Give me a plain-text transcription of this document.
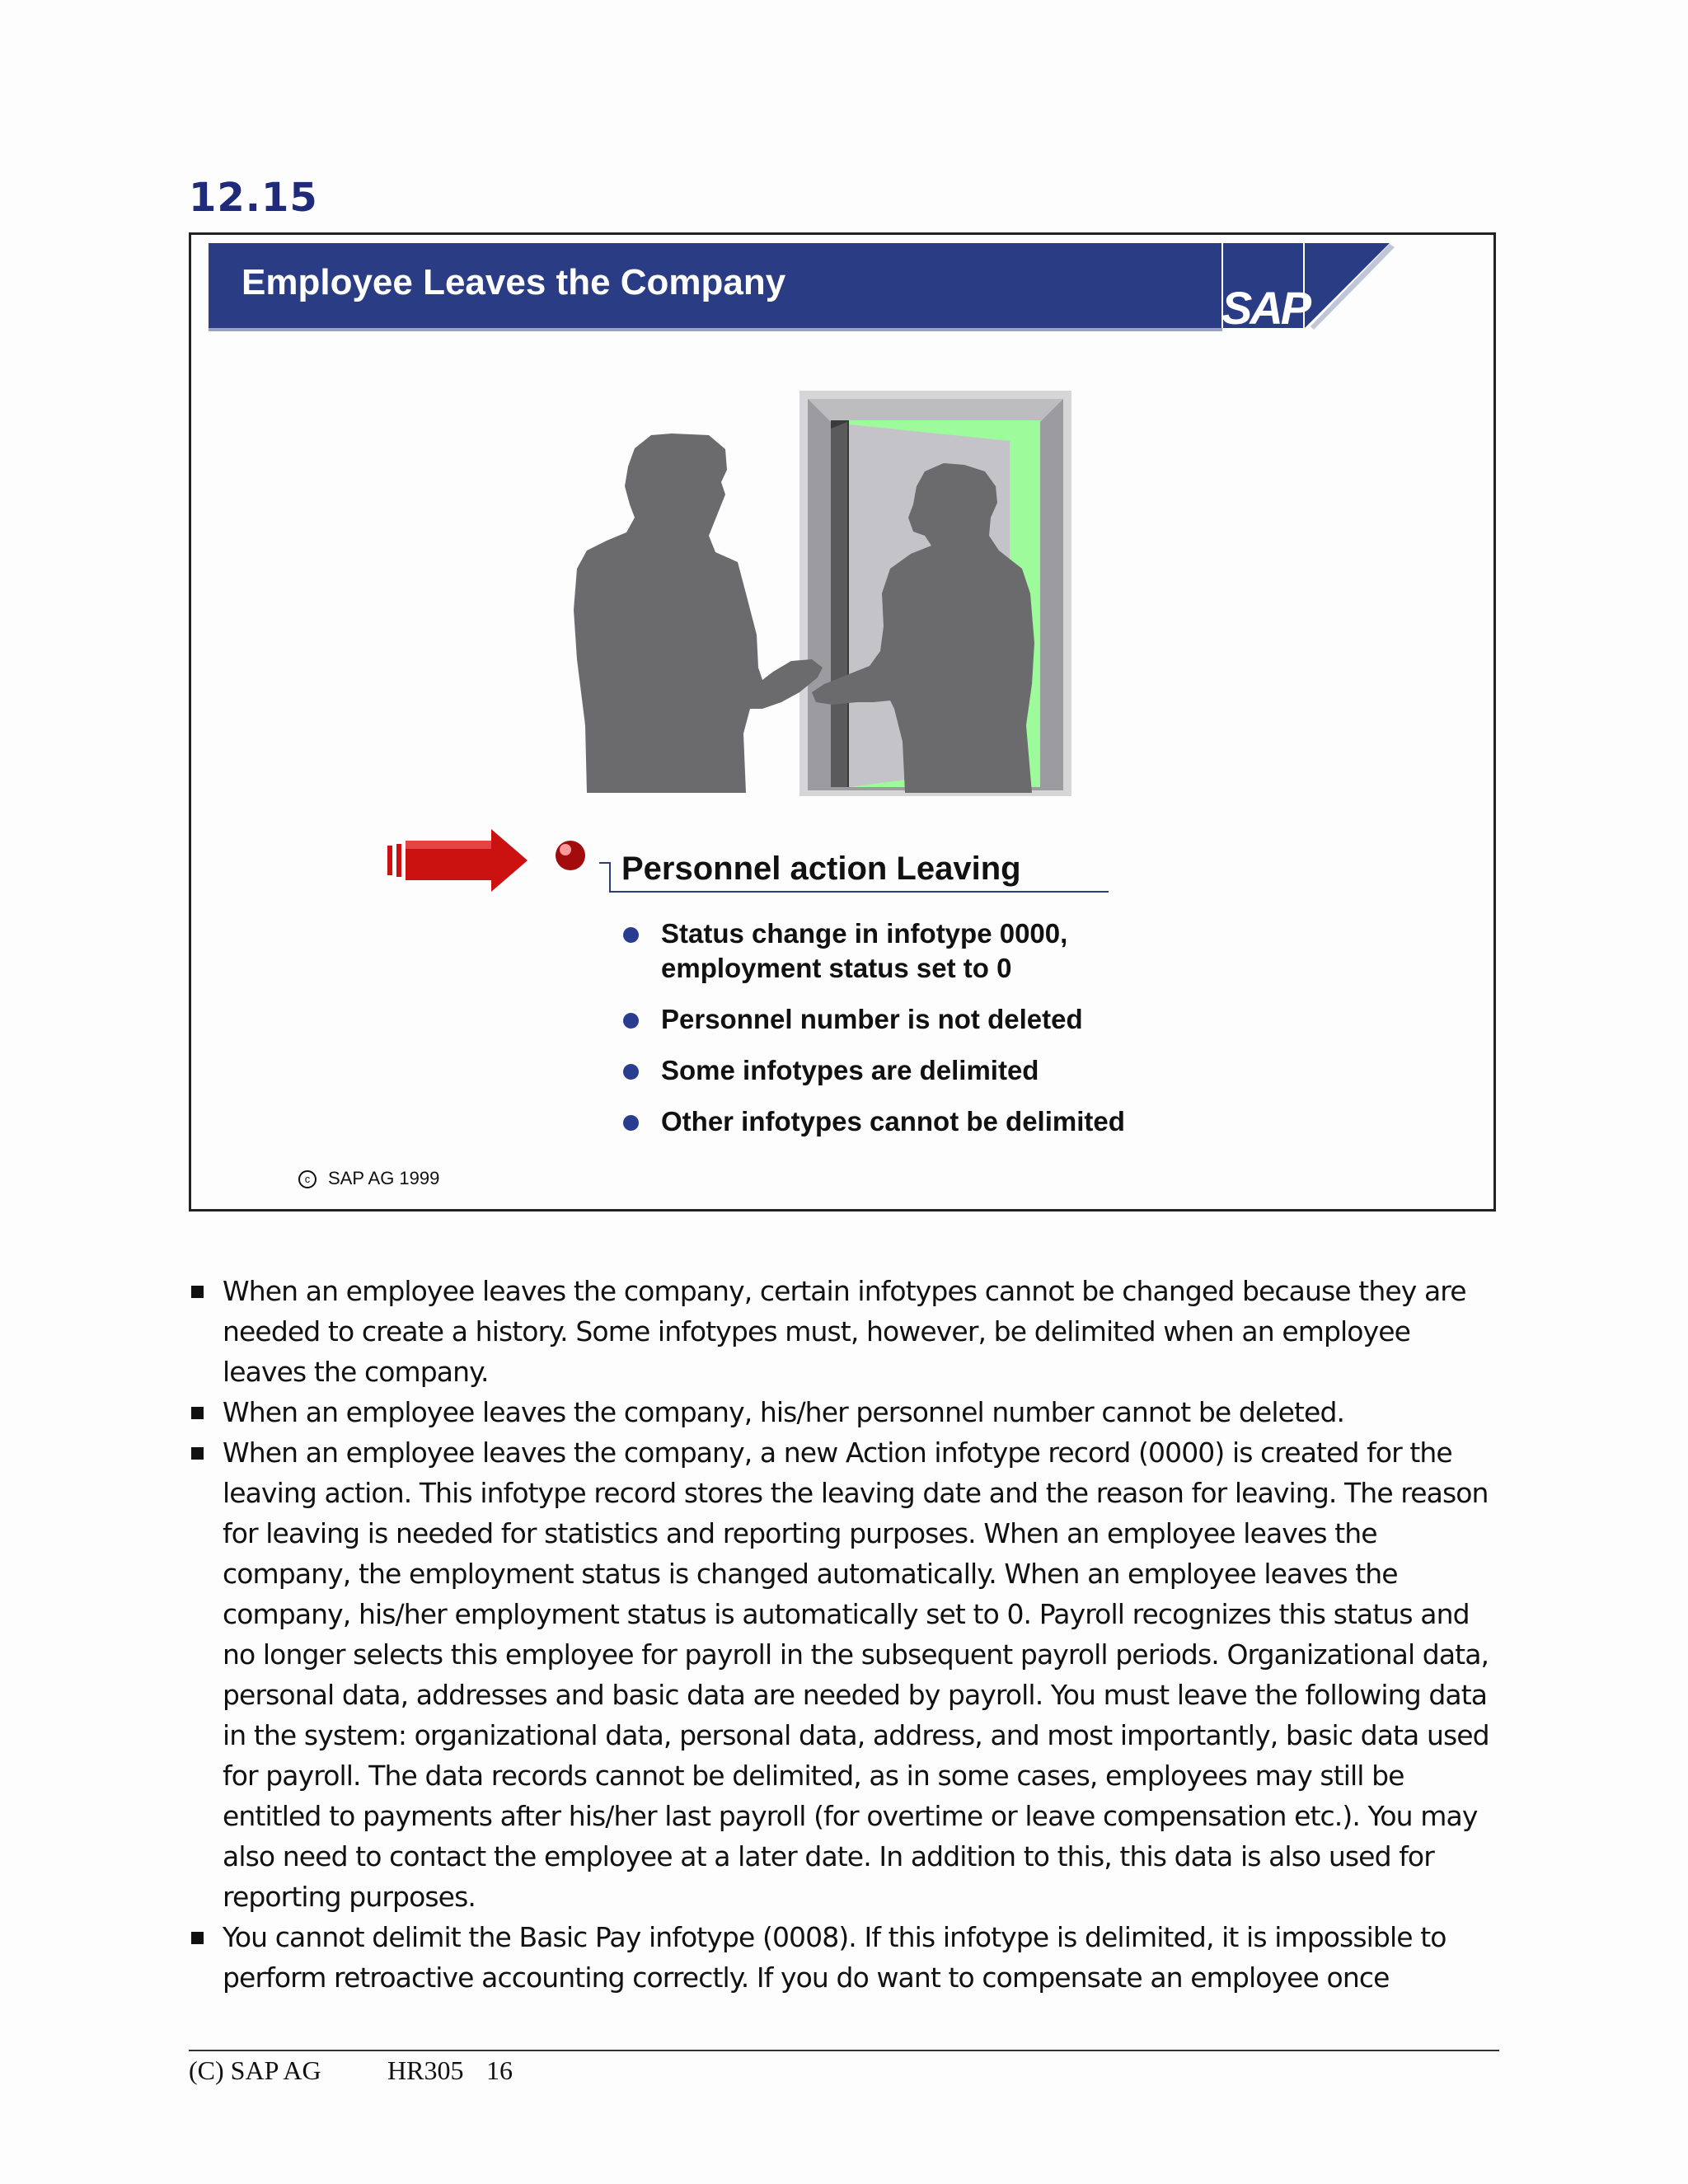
12.15
SAP
Employee Leaves the Company
Personnel action Leaving
Status change in infotype 0000, employment status set to 0
Personnel number is not deleted
Some infotypes are delimited
Other infotypes cannot be delimited
c SAP AG 1999
When an employee leaves the company, certain infotypes cannot be changed because they are needed to create a history. Some infotypes must, however, be delimited when an employee leaves the company.
When an employee leaves the company, his/her personnel number cannot be deleted.
When an employee leaves the company, a new Action infotype record (0000) is created for the leaving action. This infotype record stores the leaving date and the reason for leaving. The reason for leaving is needed for statistics and reporting purposes. When an employee leaves the company, the employment status is changed automatically. When an employee leaves the company, his/her employment status is automatically set to 0. Payroll recognizes this status and no longer selects this employee for payroll in the subsequent payroll periods. Organizational data, personal data, addresses and basic data are needed by payroll. You must leave the following data in the system: organizational data, personal data, address, and most importantly, basic data used for payroll. The data records cannot be delimited, as in some cases, employees may still be entitled to payments after his/her last payroll (for overtime or leave compensation etc.). You may also need to contact the employee at a later date. In addition to this, this data is also used for reporting purposes.
You cannot delimit the Basic Pay infotype (0008). If this infotype is delimited, it is impossible to perform retroactive accounting correctly. If you do want to compensate an employee once
(C) SAP AG	HR305 16
